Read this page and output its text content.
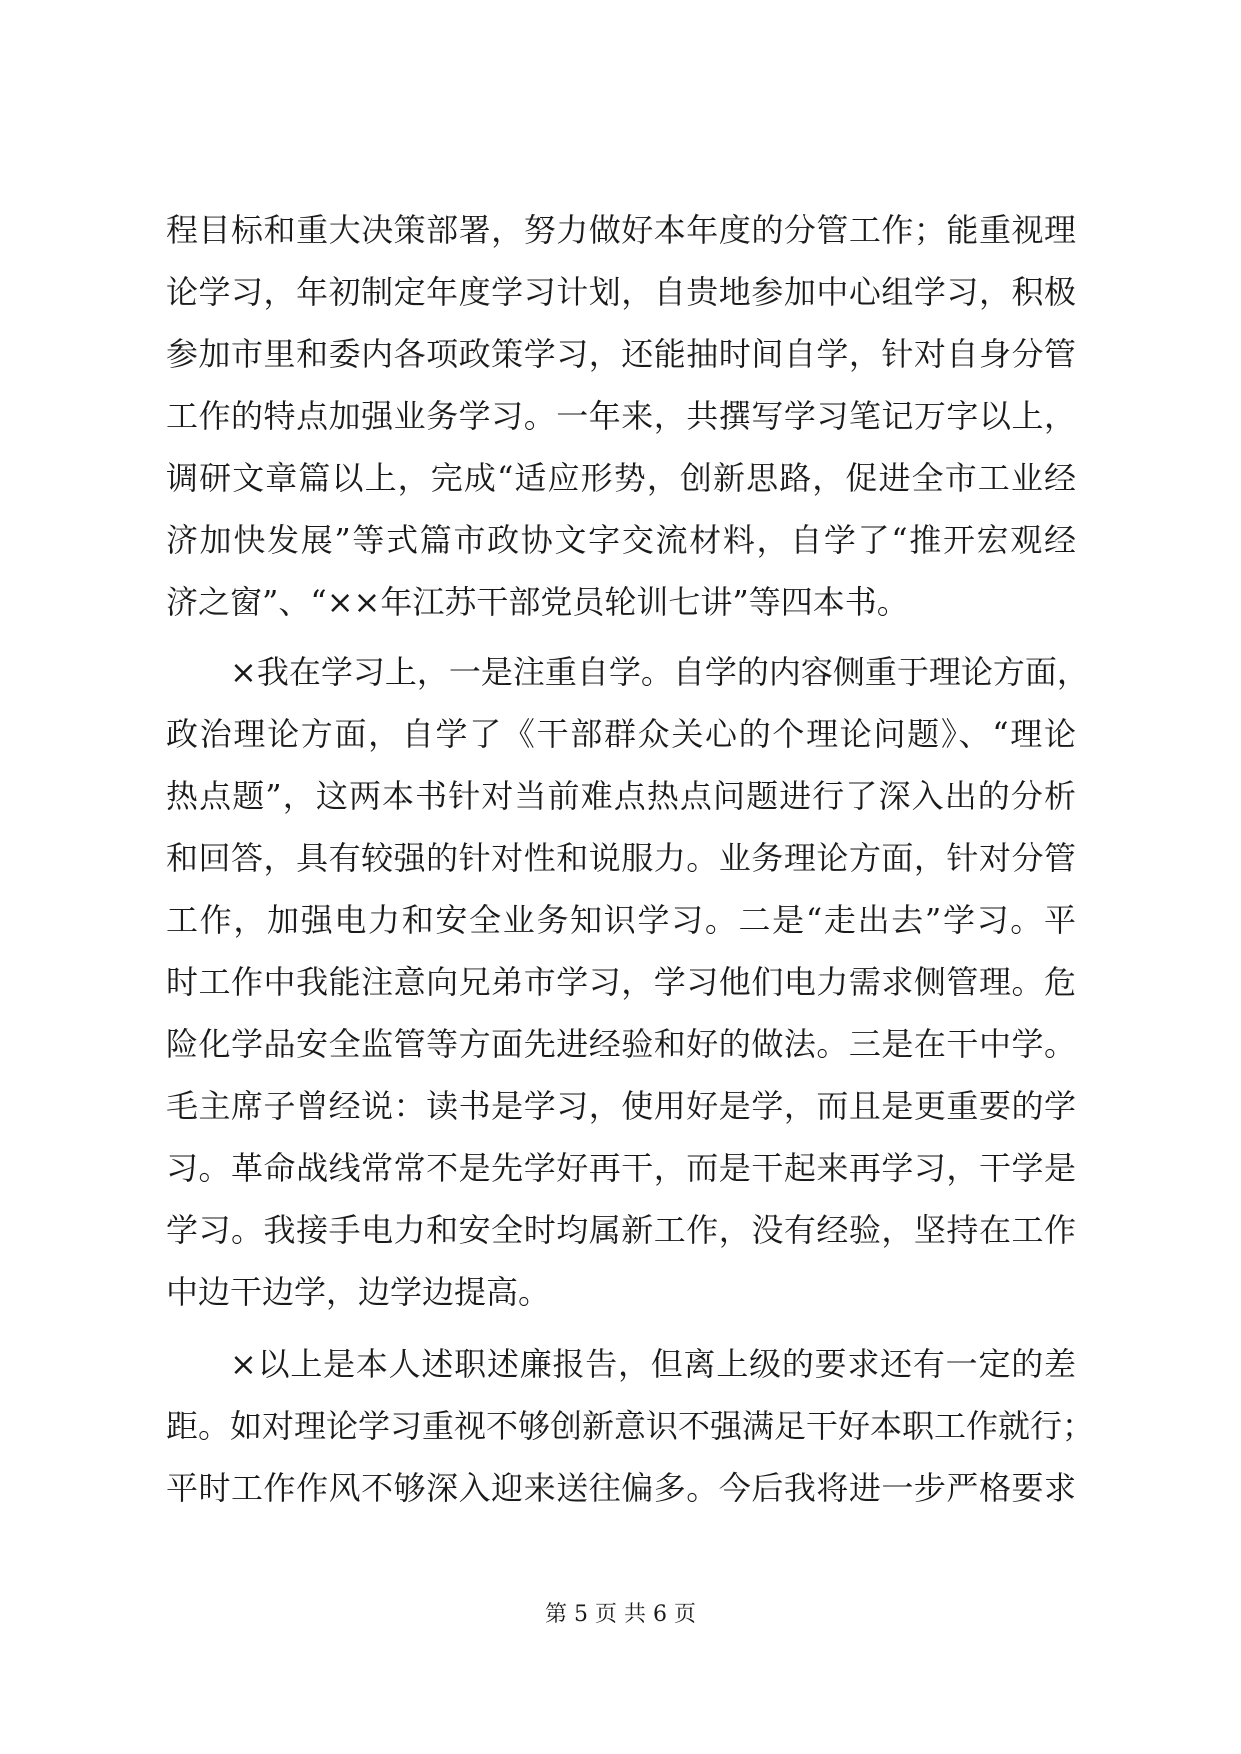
程目标和重大决策部署，努力做好本年度的分管工作；能重视理
论学习，年初制定年度学习计划，自贵地参加中心组学习，积极
参加市里和委内各项政策学习，还能抽时间自学，针对自身分管
工作的特点加强业务学习。一年来，共撰写学习笔记万字以上，
调研文章篇以上，完成“适应形势，创新思路，促进全市工业经
济加快发展”等式篇市政协文字交流材料，自学了“推开宏观经
济之窗”、“××年江苏干部党员轮训七讲”等四本书。
×我在学习上，一是注重自学。自学的内容侧重于理论方面，
政治理论方面，自学了《干部群众关心的个理论问题》、“理论
热点题”，这两本书针对当前难点热点问题进行了深入出的分析
和回答，具有较强的针对性和说服力。业务理论方面，针对分管
工作，加强电力和安全业务知识学习。二是“走出去”学习。平
时工作中我能注意向兄弟市学习，学习他们电力需求侧管理。危
险化学品安全监管等方面先进经验和好的做法。三是在干中学。
毛主席子曾经说：读书是学习，使用好是学，而且是更重要的学
习。革命战线常常不是先学好再干，而是干起来再学习，干学是
学习。我接手电力和安全时均属新工作，没有经验，坚持在工作
中边干边学，边学边提高。
×以上是本人述职述廉报告，但离上级的要求还有一定的差
距。如对理论学习重视不够创新意识不强满足干好本职工作就行；
平时工作作风不够深入迎来送往偏多。今后我将进一步严格要求
第 5 页 共 6 页
